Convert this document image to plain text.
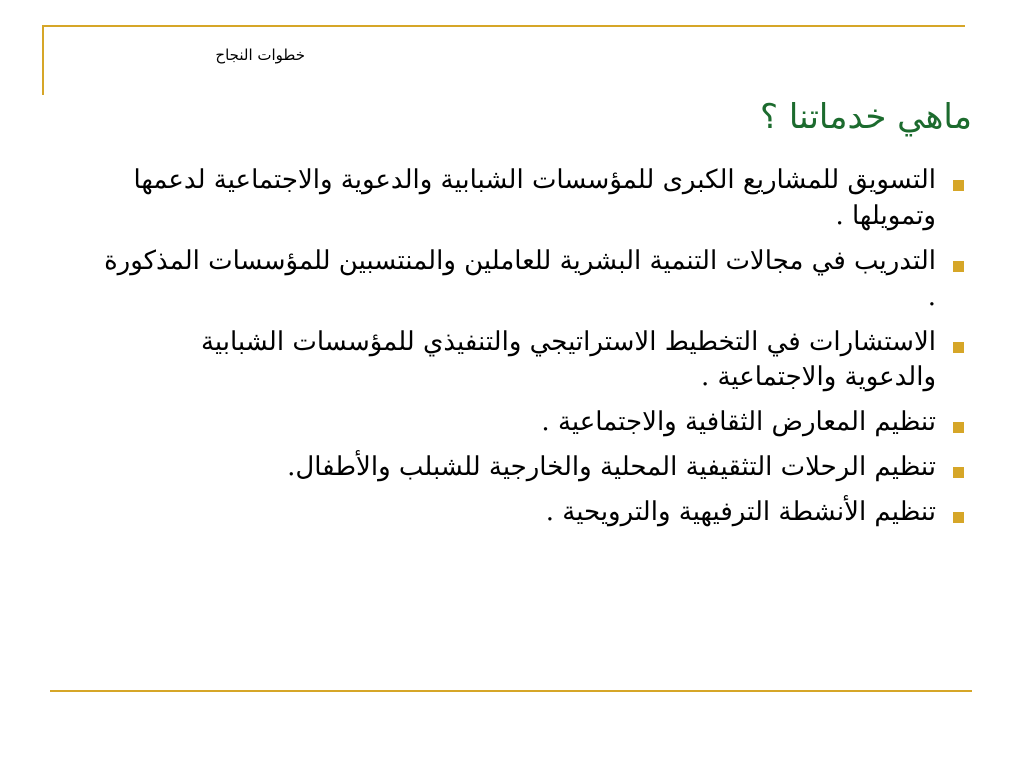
خطوات النجاح
ماهي خدماتنا ؟
التسويق للمشاريع الكبرى للمؤسسات الشبابية والدعوية والاجتماعية لدعمها وتمويلها .
التدريب في مجالات التنمية البشرية للعاملين والمنتسبين للمؤسسات المذكورة .
الاستشارات في التخطيط الاستراتيجي والتنفيذي للمؤسسات الشبابية والدعوية والاجتماعية .
تنظيم المعارض الثقافية والاجتماعية .
تنظيم الرحلات التثقيفية المحلية والخارجية للشبلب والأطفال.
تنظيم الأنشطة الترفيهية والترويحية .
